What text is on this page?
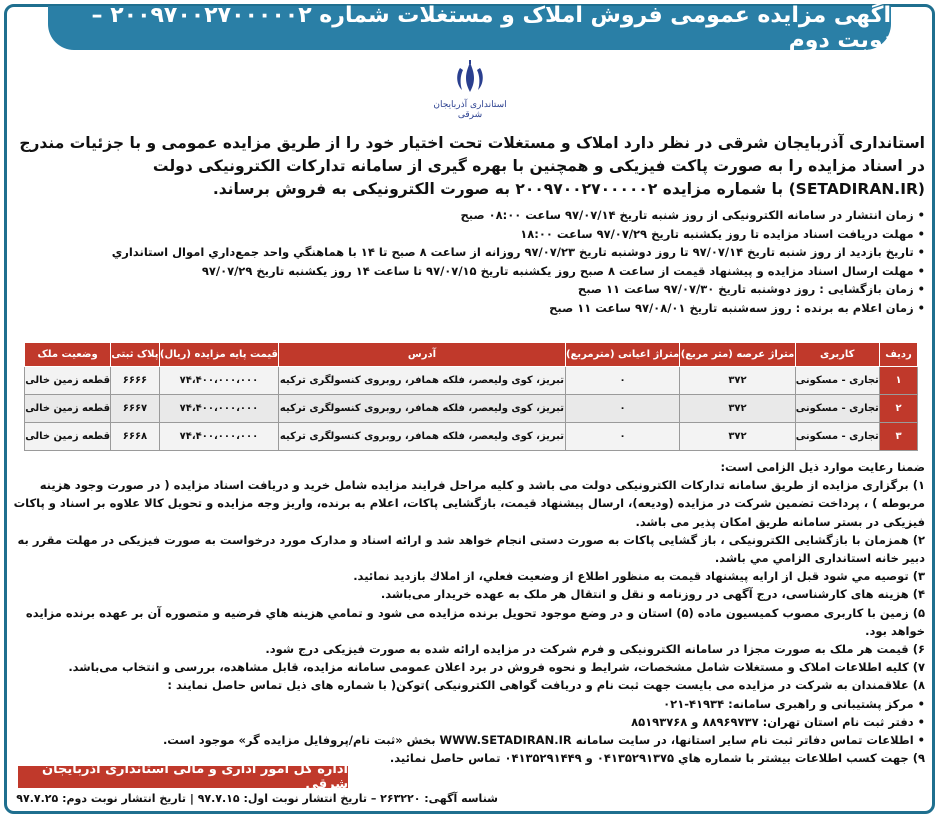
آگهی مزایده عمومی فروش املاک و مستغلات شماره ۲۰۰۹۷۰۰۲۷۰۰۰۰۰۲ – نوبت دوم
استانداری آذربایجان شرقی
استانداری آذربایجان شرقی در نظر دارد املاک و مستغلات تحت اختیار خود را از طریق مزایده عمومی و با جزئیات مندرج در اسناد مزایده را به صورت پاکت فیزیکی و همچنین با بهره گیری از سامانه تدارکات الکترونیکی دولت (SETADIRAN.IR) با شماره مزایده ۲۰۰۹۷۰۰۲۷۰۰۰۰۰۲ به صورت الکترونیکی به فروش برساند.
• زمان انتشار در سامانه الکترونیکی از روز شنبه تاریخ ۹۷/۰۷/۱۴ ساعت ۰۸:۰۰ صبح
• مهلت دریافت اسناد مزایده تا روز یکشنبه تاریخ ۹۷/۰۷/۲۹ ساعت ۱۸:۰۰
• تاریخ بازدید از روز شنبه تاریخ ۹۷/۰۷/۱۴ تا روز دوشنبه تاریخ ۹۷/۰۷/۲۳ روزانه از ساعت ۸ صبح تا ۱۴ با هماهنگي واحد جمع‌داري اموال استانداري
• مهلت ارسال اسناد مزایده و پیشنهاد قیمت از ساعت ۸ صبح روز یکشنبه تاریخ ۹۷/۰۷/۱۵ تا ساعت ۱۴ روز یکشنبه تاریخ ۹۷/۰۷/۲۹
• زمان بازگشایی : روز دوشنبه تاریخ ۹۷/۰۷/۳۰ ساعت ۱۱ صبح
• زمان اعلام به برنده : روز سه‌شنبه تاریخ ۹۷/۰۸/۰۱ ساعت ۱۱ صبح
ردیف	کاربری	متراژ عرصه (متر مربع)	متراژ اعیانی (مترمربع)	آدرس	قیمت پایه مزایده (ریال)	پلاک ثبتی	وضعیت ملک
۱	تجاری - مسکونی	۳۷۲	۰	تبریز، کوی ولیعصر، فلکه همافر، روبروی کنسولگری ترکیه	۷۴،۴۰۰،۰۰۰،۰۰۰	۶۶۶۶	قطعه زمین خالی
۲	تجاری - مسکونی	۳۷۲	۰	تبریز، کوی ولیعصر، فلکه همافر، روبروی کنسولگری ترکیه	۷۴،۴۰۰،۰۰۰،۰۰۰	۶۶۶۷	قطعه زمین خالی
۳	تجاری - مسکونی	۳۷۲	۰	تبریز، کوی ولیعصر، فلکه همافر، روبروی کنسولگری ترکیه	۷۴،۴۰۰،۰۰۰،۰۰۰	۶۶۶۸	قطعه زمین خالی
ضمنا رعایت موارد ذیل الزامی است:
۱) برگزاری مزایده از طریق سامانه تدارکات الکترونیکی دولت می باشد و کلیه مراحل فرایند مزایده شامل خرید و دریافت اسناد مزایده ( در صورت وجود هزینه مربوطه ) ، پرداخت تضمین شرکت در مزایده (ودیعه)، ارسال پیشنهاد قیمت، بازگشایی پاکات، اعلام به برنده، واریز وجه مزایده و تحویل کالا علاوه بر اسناد و پاکات فیزیکی در بستر سامانه طریق امکان پذیر می باشد.
۲) همزمان با بازگشایی الکترونیکی ، باز گشایی پاکات به صورت دستی انجام خواهد شد و ارائه اسناد و مدارک مورد درخواست به صورت فیزیکی در مهلت مقرر به دبیر خانه استانداری الزامي مي باشد.
۳) توصیه مي شود قبل از ارايه پیشنهاد قیمت به منظور اطلاع از وضعیت فعلي، از املاك بازديد نمائيد.
۴) هزینه های کارشناسی، درج آگهی در روزنامه و نقل و انتقال هر ملک به عهده خریدار می‌باشد.
۵) زمین با کاربری مصوب کمیسیون ماده (۵) استان و در وضع موجود تحویل برنده مزایده می شود و تمامي هزینه هاي فرضیه و متصوره آن بر عهده برنده مزايده خواهد بود.
۶) قیمت هر ملک به صورت مجزا در سامانه الکترونیکی و فرم شرکت در مزایده ارائه شده به صورت فیزیکی درج شود.
۷) کلیه اطلاعات املاک و مستغلات شامل مشخصات، شرایط و نحوه فروش در برد اعلان عمومی سامانه مزایده، قابل مشاهده، بررسی و انتخاب می‌باشد.
۸) علاقمندان به شرکت در مزایده می بایست جهت ثبت نام و دریافت گواهی الکترونیکی )توکن( با شماره های ذیل تماس حاصل نمایند :
• مرکز پشتیبانی و راهبری سامانه: ۴۱۹۳۴-۰۲۱
• دفتر ثبت نام استان تهران: ۸۸۹۶۹۷۳۷ و ۸۵۱۹۳۷۶۸
• اطلاعات تماس دفاتر ثبت نام سایر استانها، در سایت سامانه WWW.SETADIRAN.IR بخش «ثبت نام/پروفایل مزایده گر» موجود است.
۹) جهت کسب اطلاعات بیشتر با شماره هاي ۰۴۱۳۵۲۹۱۳۷۵ و ۰۴۱۳۵۲۹۱۴۴۹ تماس حاصل نمائید.
اداره کل امور اداری و مالی استانداری آذربایجان شرقی
شناسه آگهی: ۲۶۳۲۲۰ – تاریخ انتشار نوبت اول: ۹۷.۷.۱۵ | تاریخ انتشار نوبت دوم: ۹۷.۷.۲۵
